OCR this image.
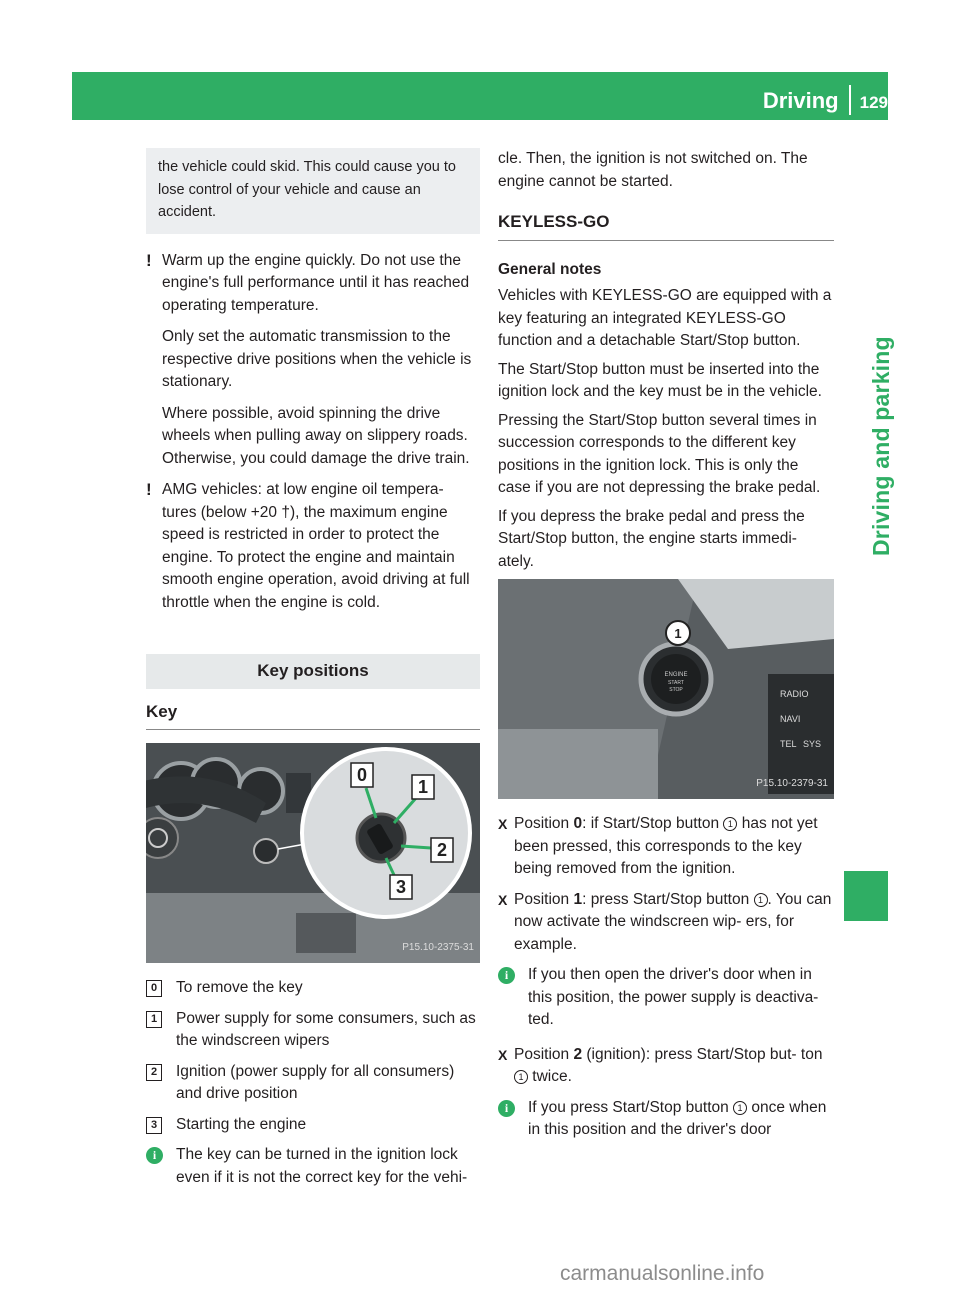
Driving 129
Driving and parking
the vehicle could skid. This could cause you to lose control of your vehicle and cause an accident.
! Warm up the engine quickly. Do not use the engine's full performance until it has reached operating temperature.

Only set the automatic transmission to the respective drive positions when the vehicle is stationary.

Where possible, avoid spinning the drive wheels when pulling away on slippery roads. Otherwise, you could damage the drive train.

! AMG vehicles: at low engine oil tempera- tures (below +20 †), the maximum engine speed is restricted in order to protect the engine. To protect the engine and maintain smooth engine operation, avoid driving at full throttle when the engine is cold.

Key positions
Key
0
1
2
3
P15.10-2375-31
0	To remove the key
1	Power supply for some consumers, such as the windscreen wipers
2	Ignition (power supply for all consumers) and drive position
3	Starting the engine
i	The key can be turned in the ignition lock even if it is not the correct key for the vehi-

cle. Then, the ignition is not switched on. The engine cannot be started.

KEYLESS-GO
General notes

Vehicles with KEYLESS-GO are equipped with a key featuring an integrated KEYLESS-GO function and a detachable Start/Stop button.

The Start/Stop button must be inserted into the ignition lock and the key must be in the vehicle.

Pressing the Start/Stop button several times in succession corresponds to the different key positions in the ignition lock. This is only the case if you are not depressing the brake pedal.

If you depress the brake pedal and press the Start/Stop button, the engine starts immedi- ately.

RADIO
NAVI
TEL SYS
ENGINE
START
STOP
1
P15.10-2379-31
X Position 0: if Start/Stop button 1 has not yet been pressed, this corresponds to the key being removed from the ignition.
X Position 1: press Start/Stop button 1 . You can now activate the windscreen wip- ers, for example.
i	If you then open the driver's door when in this position, the power supply is deactiva- ted.
X Position 2 (ignition): press Start/Stop but- ton 1 twice.
i	If you press Start/Stop button 1 once when in this position and the driver's door
carmanualsonline.info
